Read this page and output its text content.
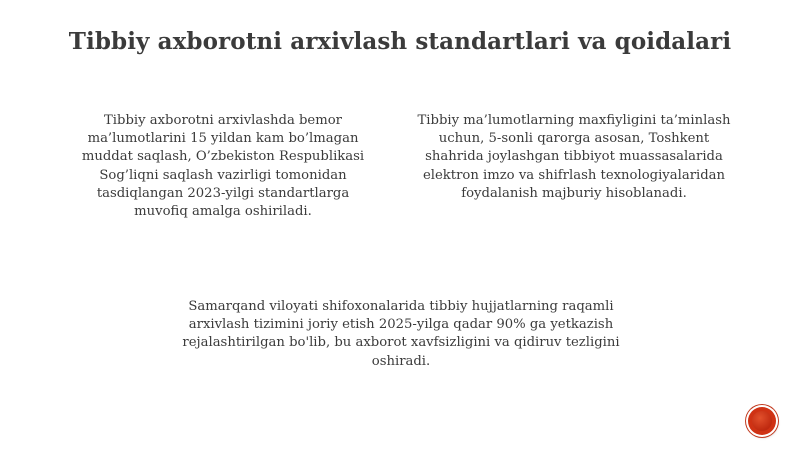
Tibbiy axborotni arxivlash standartlari va qoidalari
Tibbiy axborotni arxivlashda bemor
ma’lumotlarini 15 yildan kam bo’lmagan
muddat saqlash, O’zbekiston Respublikasi
Sog’liqni saqlash vazirligi tomonidan
tasdiqlangan 2023-yilgi standartlarga
muvofiq amalga oshiriladi.
Tibbiy ma’lumotlarning maxfiyligini ta’minlash
uchun, 5-sonli qarorga asosan, Toshkent
shahrida joylashgan tibbiyot muassasalarida
elektron imzo va shifrlash texnologiyalaridan
foydalanish majburiy hisoblanadi.
Samarqand viloyati shifoxonalarida tibbiy hujjatlarning raqamli
arxivlash tizimini joriy etish 2025-yilga qadar 90% ga yetkazish
rejalashtirilgan bo'lib, bu axborot xavfsizligini va qidiruv tezligini
oshiradi.
